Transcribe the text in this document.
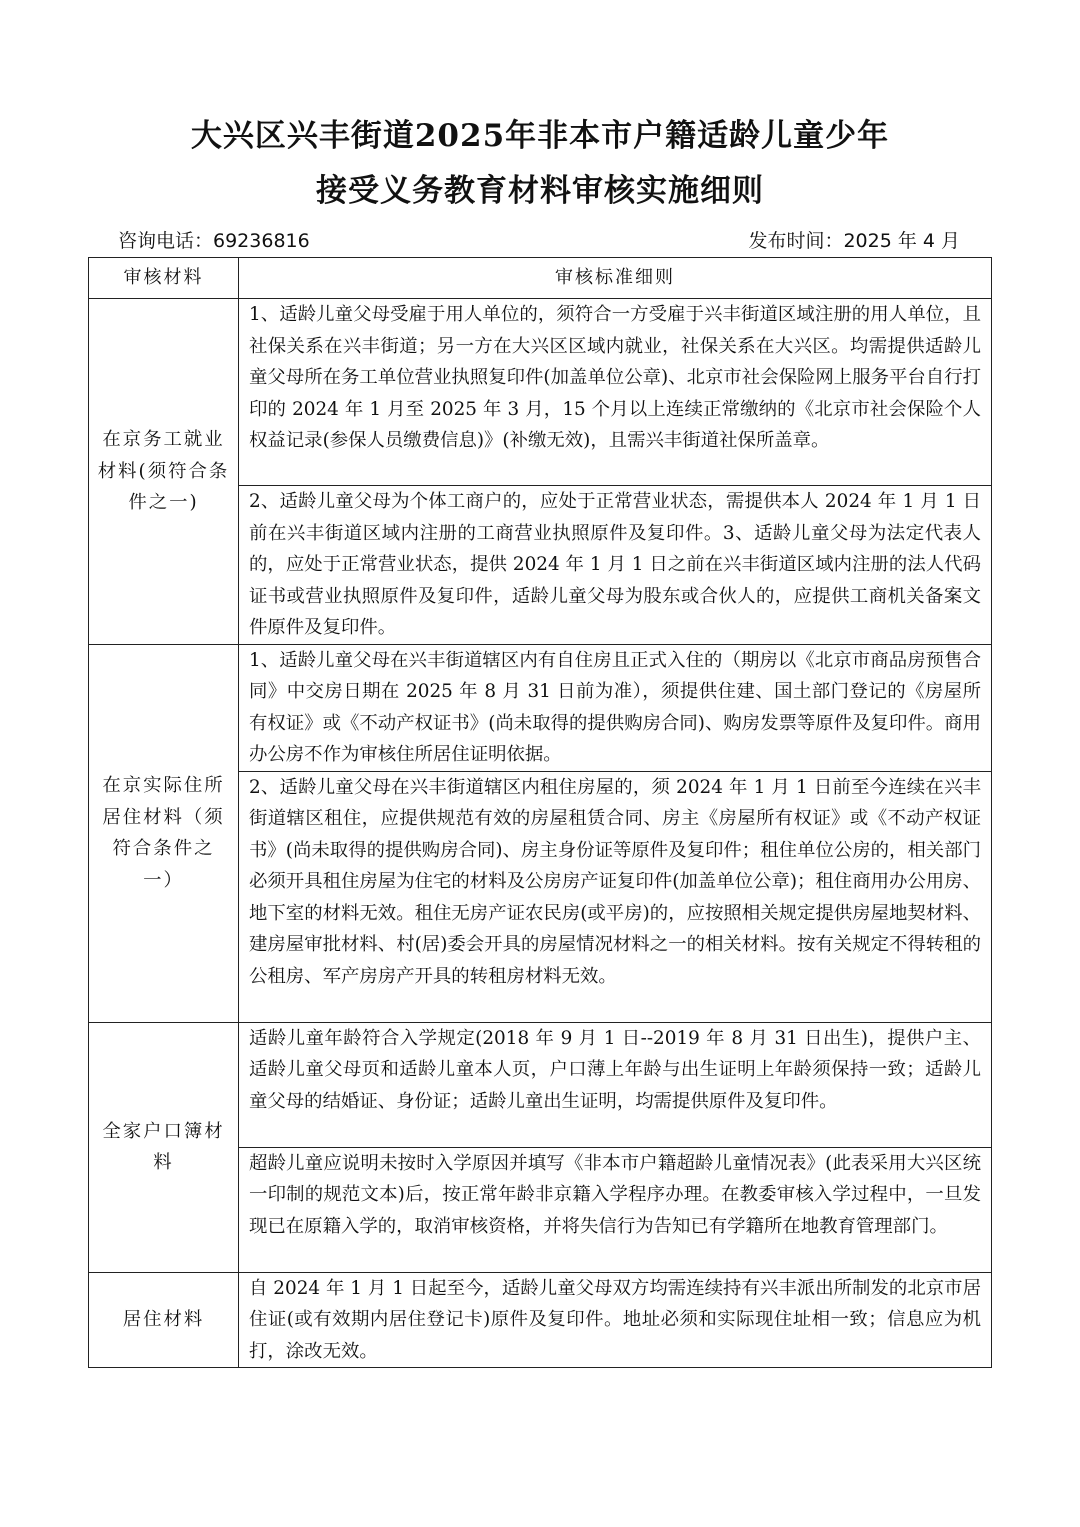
大兴区兴丰街道2025年非本市户籍适龄儿童少年
接受义务教育材料审核实施细则
咨询电话：69236816	发布时间：2025 年 4 月
审核材料	审核标准细则
在京务工就业材料(须符合条件之一)	1、适龄儿童父母受雇于用人单位的，须符合一方受雇于兴丰街道区域注册的用人单位，且社保关系在兴丰街道；另一方在大兴区区域内就业，社保关系在大兴区。均需提供适龄儿童父母所在务工单位营业执照复印件(加盖单位公章)、北京市社会保险网上服务平台自行打印的 2024 年 1 月至 2025 年 3 月，15 个月以上连续正常缴纳的《北京市社会保险个人权益记录(参保人员缴费信息)》(补缴无效)，且需兴丰街道社保所盖章。
	2、适龄儿童父母为个体工商户的，应处于正常营业状态，需提供本人 2024 年 1 月 1 日前在兴丰街道区域内注册的工商营业执照原件及复印件。3、适龄儿童父母为法定代表人的，应处于正常营业状态，提供 2024 年 1 月 1 日之前在兴丰街道区域内注册的法人代码证书或营业执照原件及复印件，适龄儿童父母为股东或合伙人的，应提供工商机关备案文件原件及复印件。
在京实际住所居住材料（须符合条件之一）	1、适龄儿童父母在兴丰街道辖区内有自住房且正式入住的（期房以《北京市商品房预售合同》中交房日期在 2025 年 8 月 31 日前为准），须提供住建、国土部门登记的《房屋所有权证》或《不动产权证书》(尚未取得的提供购房合同)、购房发票等原件及复印件。商用办公房不作为审核住所居住证明依据。
	2、适龄儿童父母在兴丰街道辖区内租住房屋的，须 2024 年 1 月 1 日前至今连续在兴丰街道辖区租住，应提供规范有效的房屋租赁合同、房主《房屋所有权证》或《不动产权证书》(尚未取得的提供购房合同)、房主身份证等原件及复印件；租住单位公房的，相关部门必须开具租住房屋为住宅的材料及公房房产证复印件(加盖单位公章)；租住商用办公用房、地下室的材料无效。租住无房产证农民房(或平房)的，应按照相关规定提供房屋地契材料、建房屋审批材料、村(居)委会开具的房屋情况材料之一的相关材料。按有关规定不得转租的公租房、军产房房产开具的转租房材料无效。
全家户口簿材料	适龄儿童年龄符合入学规定(2018 年 9 月 1 日--2019 年 8 月 31 日出生)，提供户主、适龄儿童父母页和适龄儿童本人页，户口薄上年龄与出生证明上年龄须保持一致；适龄儿童父母的结婚证、身份证；适龄儿童出生证明，均需提供原件及复印件。
	超龄儿童应说明未按时入学原因并填写《非本市户籍超龄儿童情况表》(此表采用大兴区统一印制的规范文本)后，按正常年龄非京籍入学程序办理。在教委审核入学过程中，一旦发现已在原籍入学的，取消审核资格，并将失信行为告知已有学籍所在地教育管理部门。
居住材料	自 2024 年 1 月 1 日起至今，适龄儿童父母双方均需连续持有兴丰派出所制发的北京市居住证(或有效期内居住登记卡)原件及复印件。地址必须和实际现住址相一致；信息应为机打，涂改无效。
